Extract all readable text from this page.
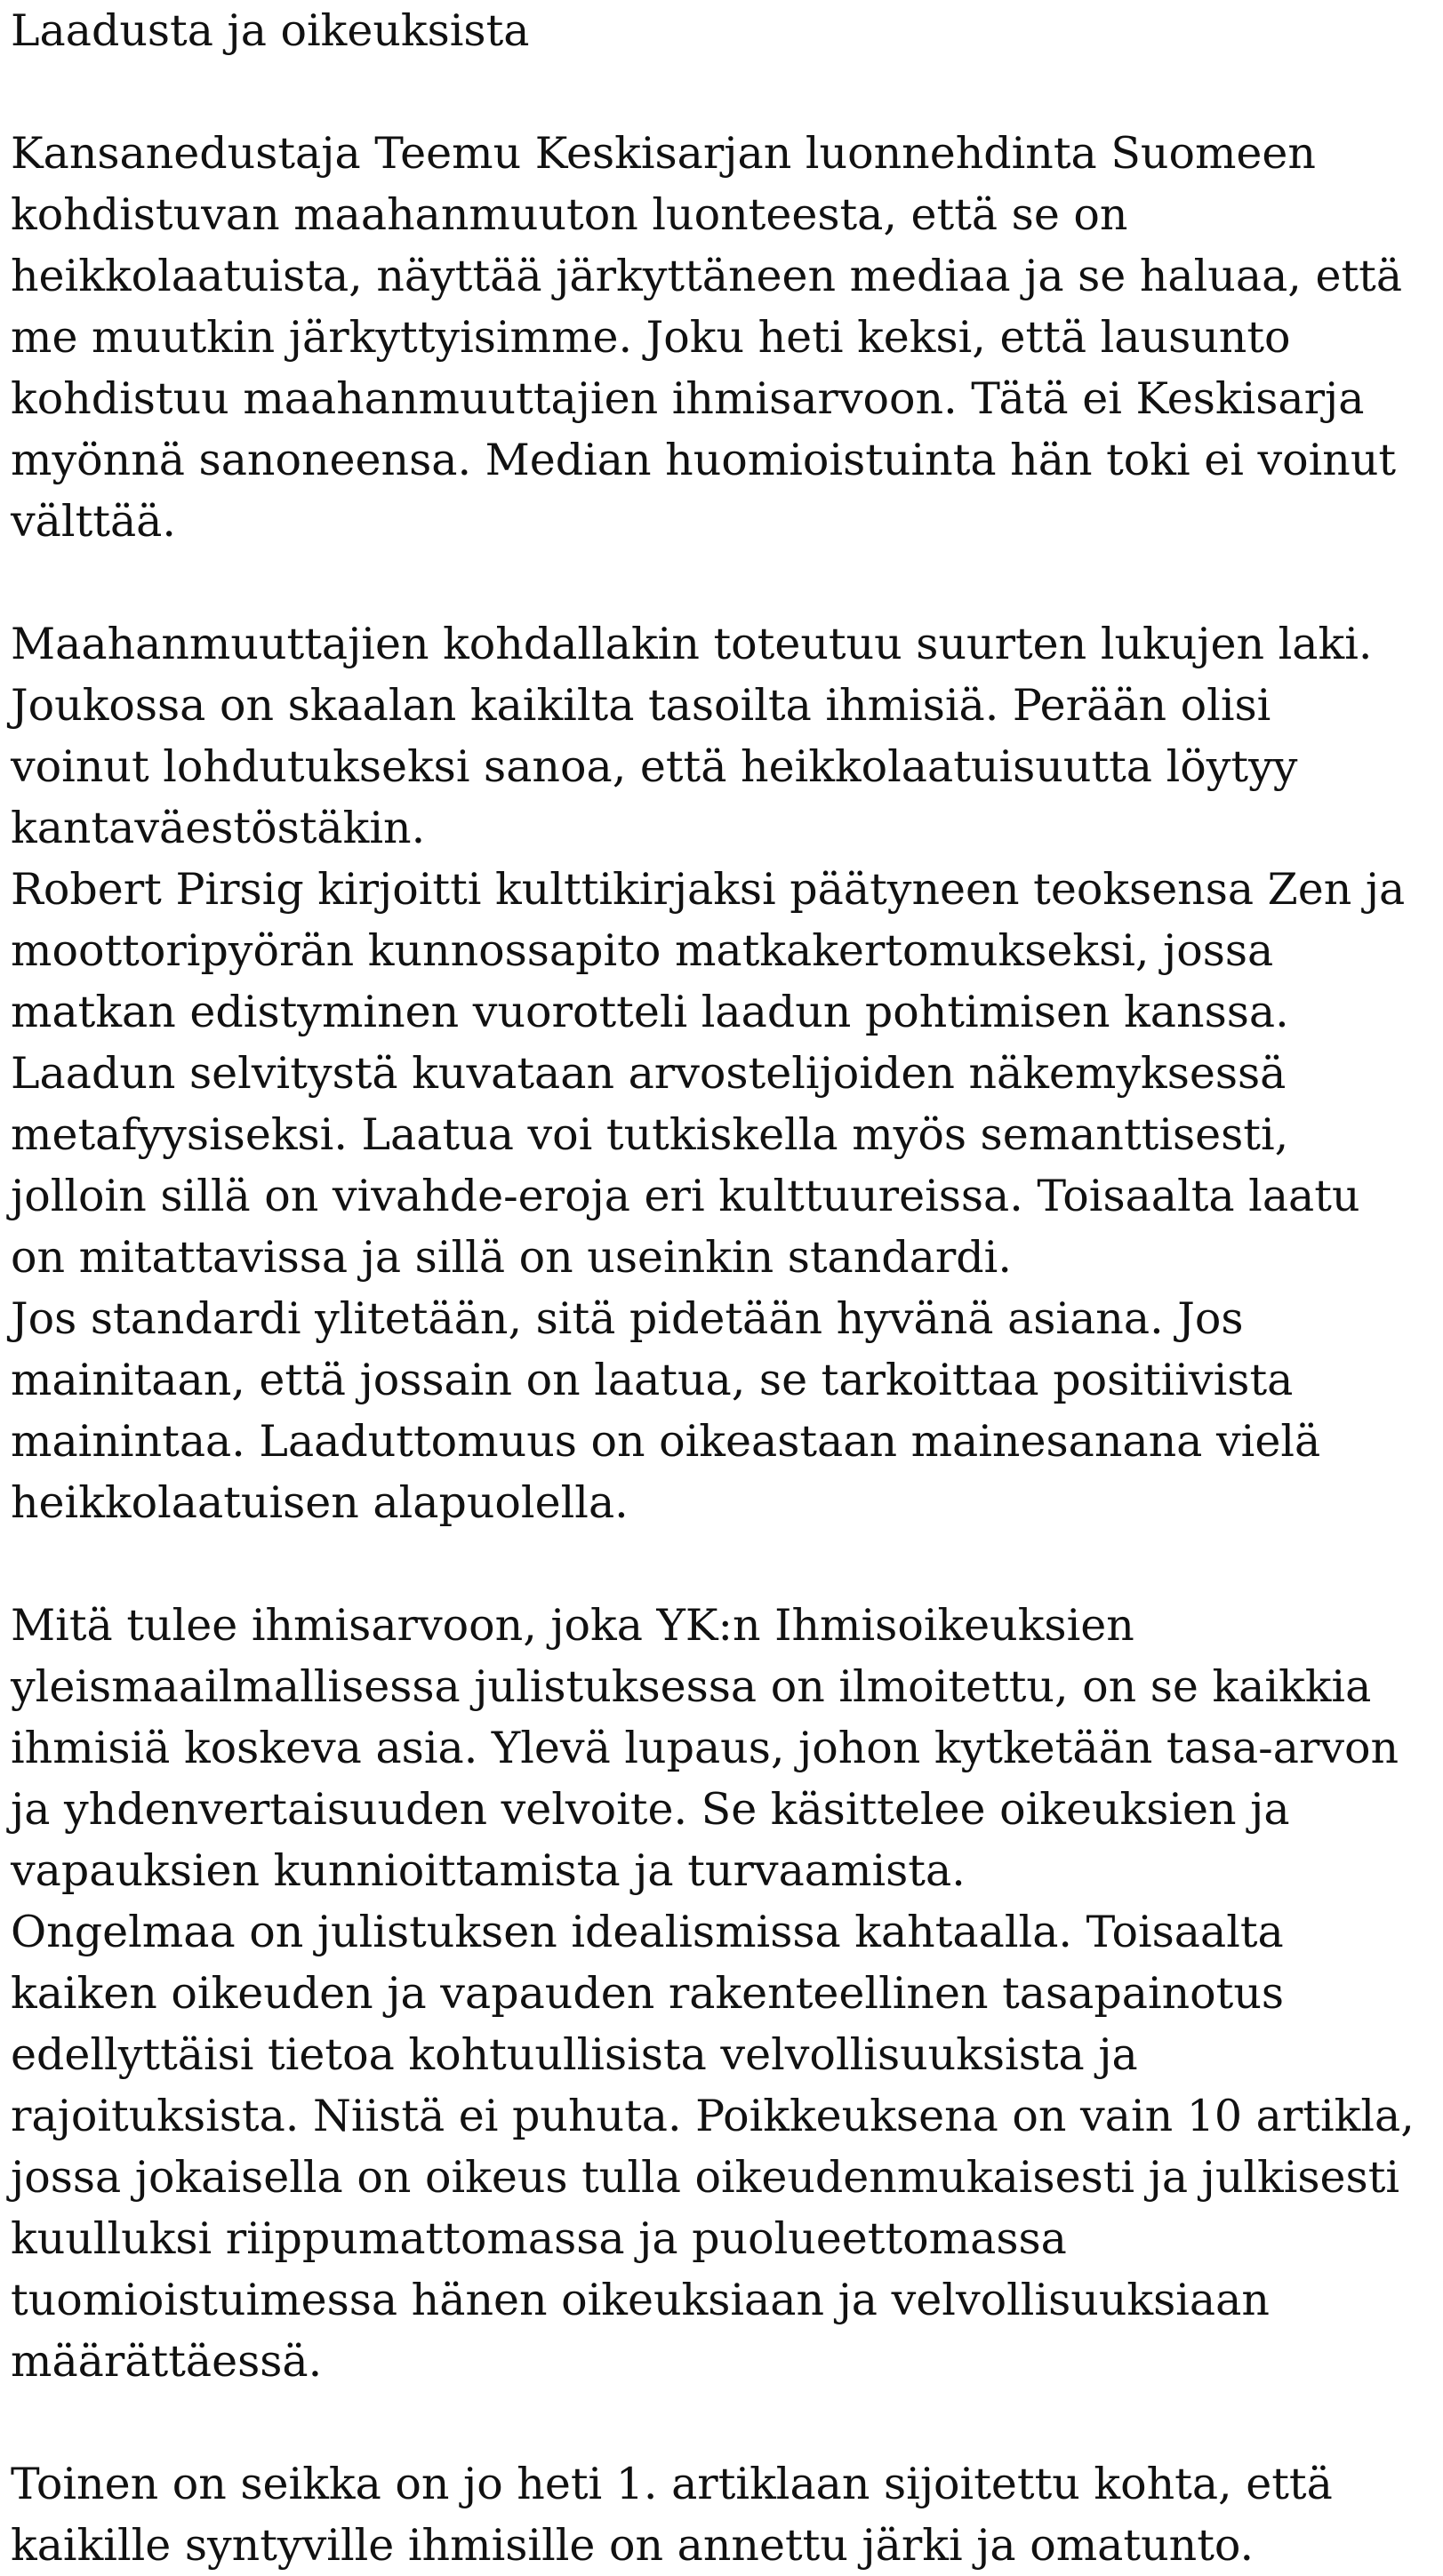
Laadusta ja oikeuksista
Kansanedustaja Teemu Keskisarjan luonnehdinta Suomeen
kohdistuvan maahanmuuton luonteesta, että se on
heikkolaatuista, näyttää järkyttäneen mediaa ja se haluaa, että
me muutkin järkyttyisimme. Joku heti keksi, että lausunto
kohdistuu maahanmuuttajien ihmisarvoon. Tätä ei Keskisarja
myönnä sanoneensa. Median huomioistuinta hän toki ei voinut
välttää.
Maahanmuuttajien kohdallakin toteutuu suurten lukujen laki.
Joukossa on skaalan kaikilta tasoilta ihmisiä. Perään olisi
voinut lohdutukseksi sanoa, että heikkolaatuisuutta löytyy
kantaväestöstäkin.
Robert Pirsig kirjoitti kulttikirjaksi päätyneen teoksensa Zen ja
moottoripyörän kunnossapito matkakertomukseksi, jossa
matkan edistyminen vuorotteli laadun pohtimisen kanssa.
Laadun selvitystä kuvataan arvostelijoiden näkemyksessä
metafyysiseksi. Laatua voi tutkiskella myös semanttisesti,
jolloin sillä on vivahde-eroja eri kulttuureissa. Toisaalta laatu
on mitattavissa ja sillä on useinkin standardi.
Jos standardi ylitetään, sitä pidetään hyvänä asiana. Jos
mainitaan, että jossain on laatua, se tarkoittaa positiivista
mainintaa. Laaduttomuus on oikeastaan mainesanana vielä
heikkolaatuisen alapuolella.
Mitä tulee ihmisarvoon, joka YK:n Ihmisoikeuksien
yleismaailmallisessa julistuksessa on ilmoitettu, on se kaikkia
ihmisiä koskeva asia. Ylevä lupaus, johon kytketään tasa-arvon
ja yhdenvertaisuuden velvoite. Se käsittelee oikeuksien ja
vapauksien kunnioittamista ja turvaamista.
Ongelmaa on julistuksen idealismissa kahtaalla. Toisaalta
kaiken oikeuden ja vapauden rakenteellinen tasapainotus
edellyttäisi tietoa kohtuullisista velvollisuuksista ja
rajoituksista. Niistä ei puhuta. Poikkeuksena on vain 10 artikla,
jossa jokaisella on oikeus tulla oikeudenmukaisesti ja julkisesti
kuulluksi riippumattomassa ja puolueettomassa
tuomioistuimessa hänen oikeuksiaan ja velvollisuuksiaan
määrättäessä.
Toinen on seikka on jo heti 1. artiklaan sijoitettu kohta, että
kaikille syntyville ihmisille on annettu järki ja omatunto.
